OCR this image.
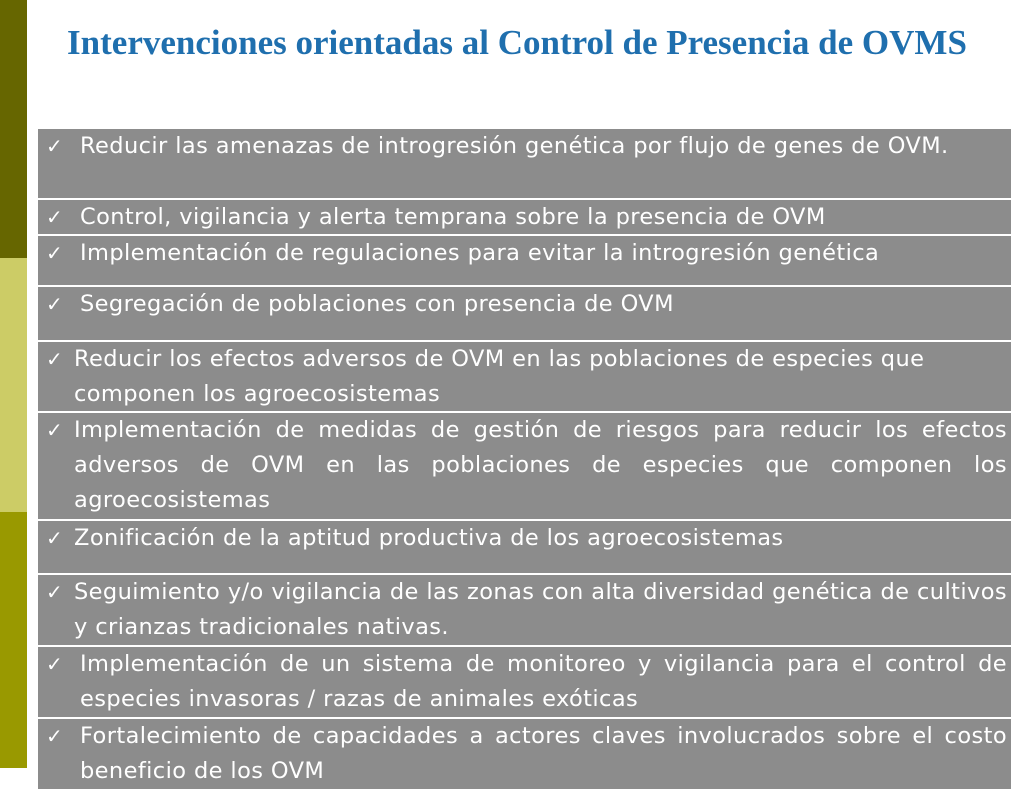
Intervenciones orientadas al Control de Presencia de OVMS
✓ Reducir las amenazas de introgresión genética por flujo de genes de OVM.
✓ Control, vigilancia y alerta temprana sobre la presencia de OVM
✓ Implementación de regulaciones para evitar la introgresión genética
✓ Segregación de poblaciones con presencia de OVM
✓ Reducir los efectos adversos de OVM en las poblaciones de especies que componen los agroecosistemas
✓ Implementación de medidas de gestión de riesgos para reducir los efectos adversos de OVM en las poblaciones de especies que componen los agroecosistemas
✓ Zonificación de la aptitud productiva de los agroecosistemas
✓ Seguimiento y/o vigilancia de las zonas con alta diversidad genética de cultivos y crianzas tradicionales nativas.
✓ Implementación de un sistema de monitoreo y vigilancia para el control de especies invasoras / razas de animales exóticas
✓ Fortalecimiento de capacidades a actores claves involucrados sobre el costo beneficio de los OVM
